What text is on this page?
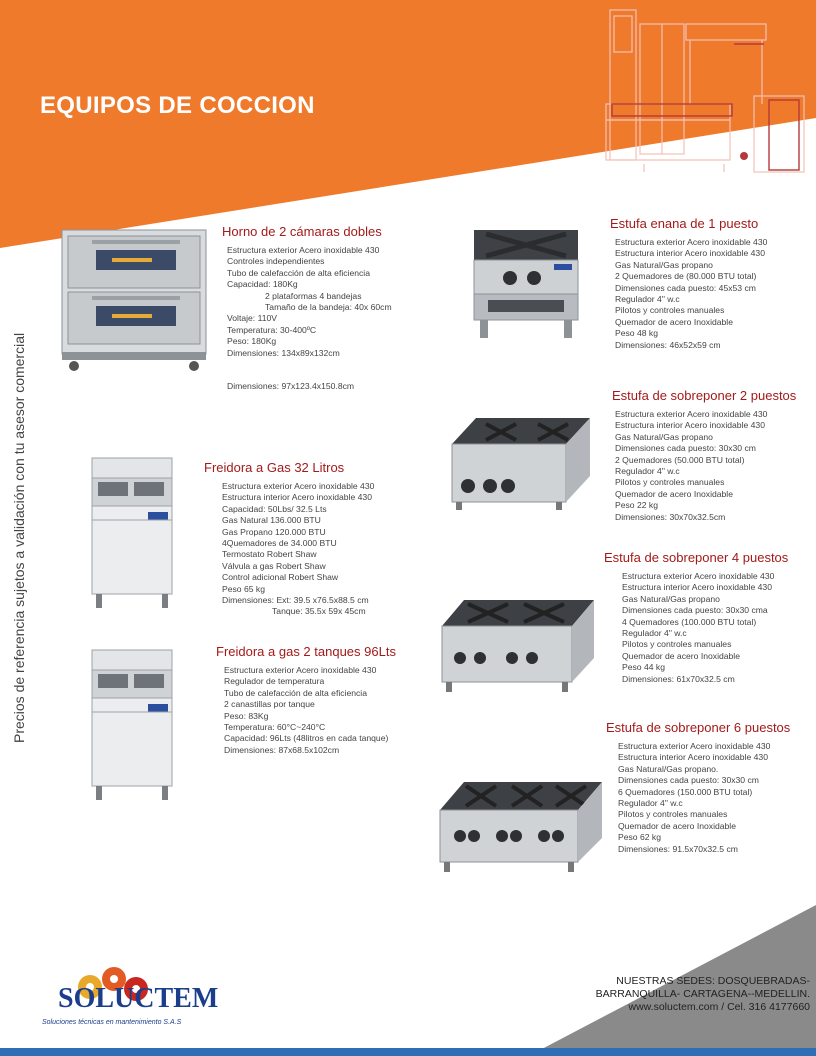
EQUIPOS DE COCCION
Precios de referencia sujetos a validación con tu asesor comercial
Horno de 2 cámaras dobles
Estructura exterior Acero inoxidable 430
Controles independientes
Tubo de calefacción de alta eficiencia
Capacidad: 180Kg
2 plataformas 4 bandejas
Tamaño de la bandeja: 40x 60cm
Voltaje: 110V
Temperatura: 30-400ºC
Peso: 180Kg
Dimensiones: 134x89x132cm
Dimensiones: 97x123.4x150.8cm
Freidora a Gas 32 Litros
Estructura exterior Acero inoxidable 430
Estructura interior Acero inoxidable 430
Capacidad: 50Lbs/ 32.5 Lts
Gas Natural 136.000 BTU
Gas Propano 120.000 BTU
4Quemadores de 34.000 BTU
Termostato Robert Shaw
Válvula a gas Robert Shaw
Control adicional Robert Shaw
Peso 65 kg
Dimensiones: Ext: 39.5 x76.5x88.5 cm
Tanque: 35.5x 59x 45cm
Freidora a gas 2 tanques 96Lts
Estructura exterior Acero inoxidable 430
Regulador de temperatura
Tubo de calefacción de alta eficiencia
2 canastillas por tanque
Peso: 83Kg
Temperatura: 60°C~240°C
Capacidad: 96Lts (48litros en cada tanque)
Dimensiones: 87x68.5x102cm
Estufa enana de 1 puesto
Estructura exterior Acero inoxidable 430
Estructura interior Acero inoxidable 430
Gas Natural/Gas propano
2 Quemadores de (80.000 BTU total)
Dimensiones cada puesto: 45x53 cm
Regulador 4" w.c
Pilotos y controles manuales
Quemador de acero Inoxidable
Peso 48 kg
Dimensiones: 46x52x59 cm
Estufa de sobreponer 2 puestos
Estructura exterior Acero inoxidable 430
Estructura interior Acero inoxidable 430
Gas Natural/Gas propano
Dimensiones cada puesto: 30x30 cm
2 Quemadores (50.000 BTU total)
Regulador 4" w.c
Pilotos y controles manuales
Quemador de acero Inoxidable
Peso 22 kg
Dimensiones: 30x70x32.5cm
Estufa de sobreponer 4 puestos
Estructura exterior Acero inoxidable 430
Estructura interior Acero inoxidable 430
Gas Natural/Gas propano
Dimensiones cada puesto: 30x30 cma
4 Quemadores (100.000 BTU total)
Regulador 4" w.c
Pilotos y controles manuales
Quemador de acero Inoxidable
Peso 44 kg
Dimensiones: 61x70x32.5 cm
Estufa de sobreponer 6 puestos
Estructura exterior Acero inoxidable 430
Estructura interior Acero inoxidable 430
Gas Natural/Gas propano.
Dimensiones cada puesto: 30x30 cm
6 Quemadores (150.000 BTU total)
Regulador 4" w.c
Pilotos y controles manuales
Quemador de acero Inoxidable
Peso 62 kg
Dimensiones: 91.5x70x32.5 cm
SOLUCTEM
Soluciones técnicas en mantenimiento S.A.S
NUESTRAS SEDES: DOSQUEBRADAS-
BARRANQUILLA- CARTAGENA--MEDELLIN.
www.soluctem.com / Cel. 316 4177660
